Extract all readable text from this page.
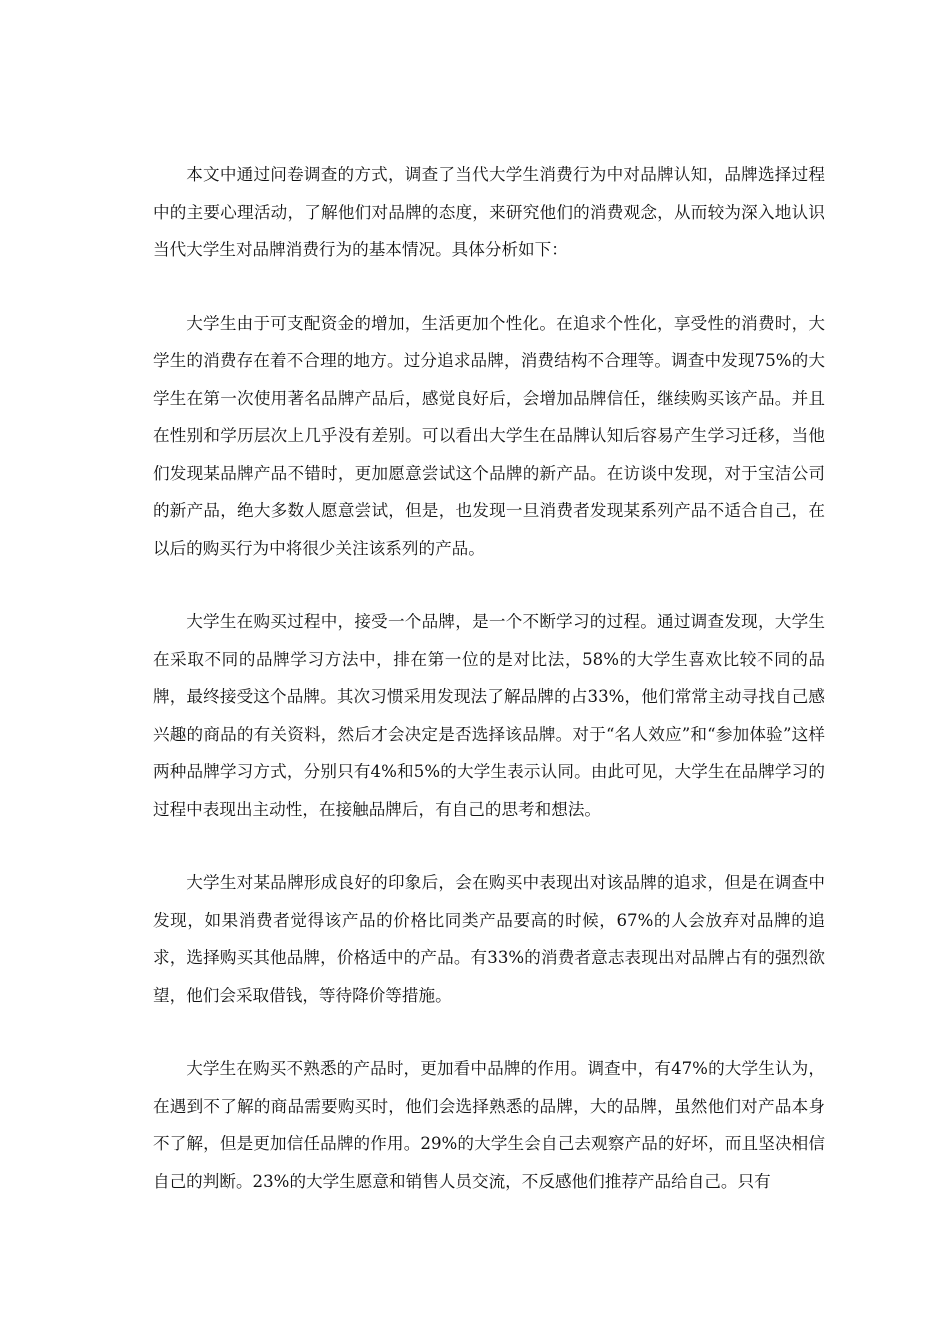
本文中通过问卷调查的方式，调查了当代大学生消费行为中对品牌认知，品牌选择过程中的主要心理活动，了解他们对品牌的态度，来研究他们的消费观念，从而较为深入地认识当代大学生对品牌消费行为的基本情况。具体分析如下：

大学生由于可支配资金的增加，生活更加个性化。在追求个性化，享受性的消费时，大学生的消费存在着不合理的地方。过分追求品牌，消费结构不合理等。调查中发现75%的大学生在第一次使用著名品牌产品后，感觉良好后，会增加品牌信任，继续购买该产品。并且在性别和学历层次上几乎没有差别。可以看出大学生在品牌认知后容易产生学习迁移，当他们发现某品牌产品不错时，更加愿意尝试这个品牌的新产品。在访谈中发现，对于宝洁公司的新产品，绝大多数人愿意尝试，但是，也发现一旦消费者发现某系列产品不适合自己，在以后的购买行为中将很少关注该系列的产品。

大学生在购买过程中，接受一个品牌，是一个不断学习的过程。通过调查发现，大学生在采取不同的品牌学习方法中，排在第一位的是对比法，58%的大学生喜欢比较不同的品牌，最终接受这个品牌。其次习惯采用发现法了解品牌的占33%，他们常常主动寻找自己感兴趣的商品的有关资料，然后才会决定是否选择该品牌。对于“名人效应”和“参加体验”这样两种品牌学习方式，分别只有4%和5%的大学生表示认同。由此可见，大学生在品牌学习的过程中表现出主动性，在接触品牌后，有自己的思考和想法。

大学生对某品牌形成良好的印象后，会在购买中表现出对该品牌的追求，但是在调查中发现，如果消费者觉得该产品的价格比同类产品要高的时候，67%的人会放弃对品牌的追求，选择购买其他品牌，价格适中的产品。有33%的消费者意志表现出对品牌占有的强烈欲望，他们会采取借钱，等待降价等措施。

大学生在购买不熟悉的产品时，更加看中品牌的作用。调查中，有47%的大学生认为，在遇到不了解的商品需要购买时，他们会选择熟悉的品牌，大的品牌，虽然他们对产品本身不了解，但是更加信任品牌的作用。29%的大学生会自己去观察产品的好坏，而且坚决相信自己的判断。23%的大学生愿意和销售人员交流，不反感他们推荐产品给自己。只有
